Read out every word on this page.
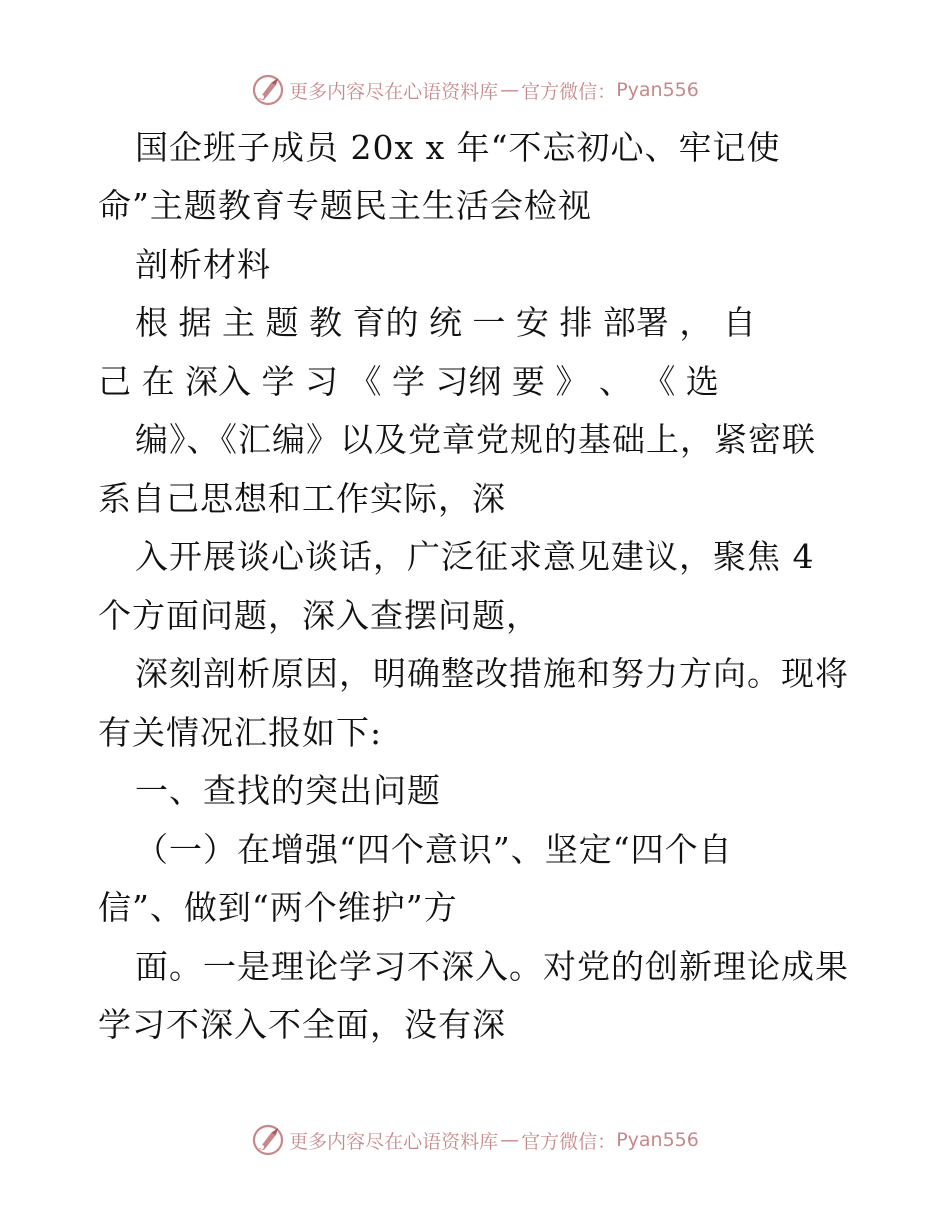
更多内容尽在心语资料库 — 官方微信： Pyan556
国企班子成员 20x x 年“不忘初心、牢记使
命”主题教育专题民主生活会检视
剖析材料
根 据 主 题 教 育的 统 一 安 排 部署 ， 自
己 在 深入 学 习 《 学 习纲 要 》 、 《 选
编》、《汇编》以及党章党规的基础上，紧密联
系自己思想和工作实际，深
入开展谈心谈话，广泛征求意见建议，聚焦 4
个方面问题，深入查摆问题，
深刻剖析原因，明确整改措施和努力方向。现将
有关情况汇报如下:
一、查找的突出问题
（一）在增强“四个意识”、坚定“四个自
信”、做到“两个维护”方
面。一是理论学习不深入。对党的创新理论成果
学习不深入不全面，没有深
更多内容尽在心语资料库 — 官方微信： Pyan556
